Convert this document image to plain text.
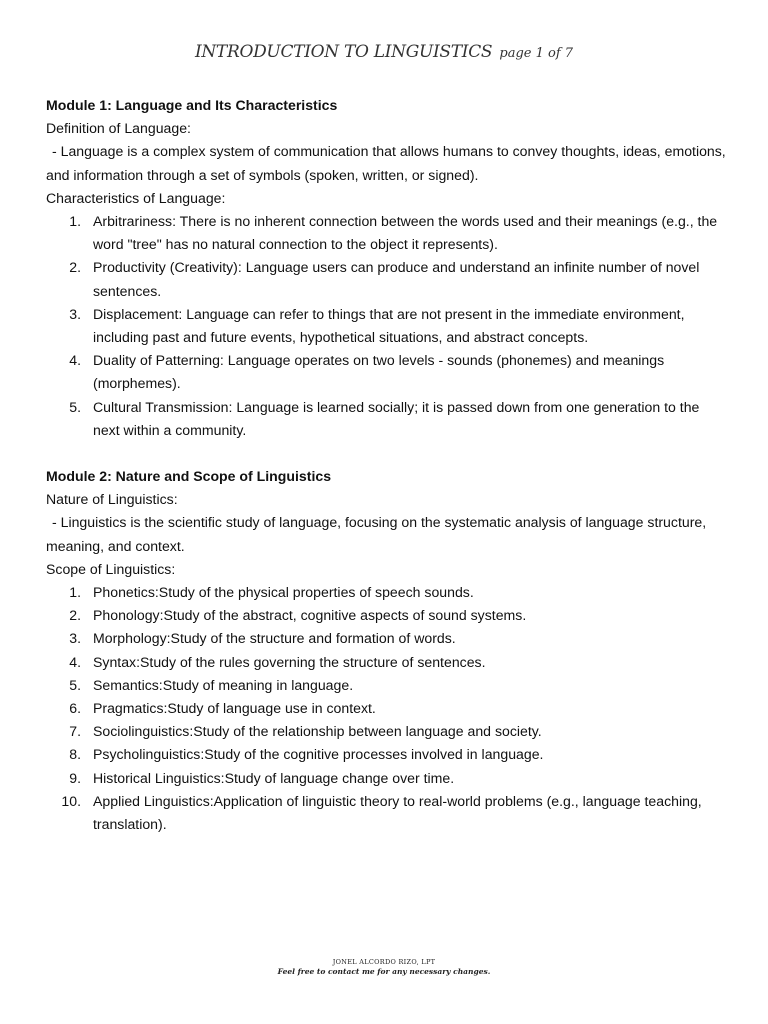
INTRODUCTION TO LINGUISTICS page 1 of 7

Module 1: Language and Its Characteristics

Definition of Language:

- Language is a complex system of communication that allows humans to convey thoughts, ideas, emotions, and information through a set of symbols (spoken, written, or signed).

Characteristics of Language:

1. Arbitrariness: There is no inherent connection between the words used and their meanings (e.g., the word "tree" has no natural connection to the object it represents).
2. Productivity (Creativity): Language users can produce and understand an infinite number of novel sentences.
3. Displacement: Language can refer to things that are not present in the immediate environment, including past and future events, hypothetical situations, and abstract concepts.
4. Duality of Patterning: Language operates on two levels - sounds (phonemes) and meanings (morphemes).
5. Cultural Transmission: Language is learned socially; it is passed down from one generation to the next within a community.

Module 2: Nature and Scope of Linguistics

Nature of Linguistics:

- Linguistics is the scientific study of language, focusing on the systematic analysis of language structure, meaning, and context.

Scope of Linguistics:

1. Phonetics:Study of the physical properties of speech sounds.
2. Phonology:Study of the abstract, cognitive aspects of sound systems.
3. Morphology:Study of the structure and formation of words.
4. Syntax:Study of the rules governing the structure of sentences.
5. Semantics:Study of meaning in language.
6. Pragmatics:Study of language use in context.
7. Sociolinguistics:Study of the relationship between language and society.
8. Psycholinguistics:Study of the cognitive processes involved in language.
9. Historical Linguistics:Study of language change over time.
10. Applied Linguistics:Application of linguistic theory to real-world problems (e.g., language teaching, translation).
JONEL ALCORDO RIZO, LPT
Feel free to contact me for any necessary changes.
